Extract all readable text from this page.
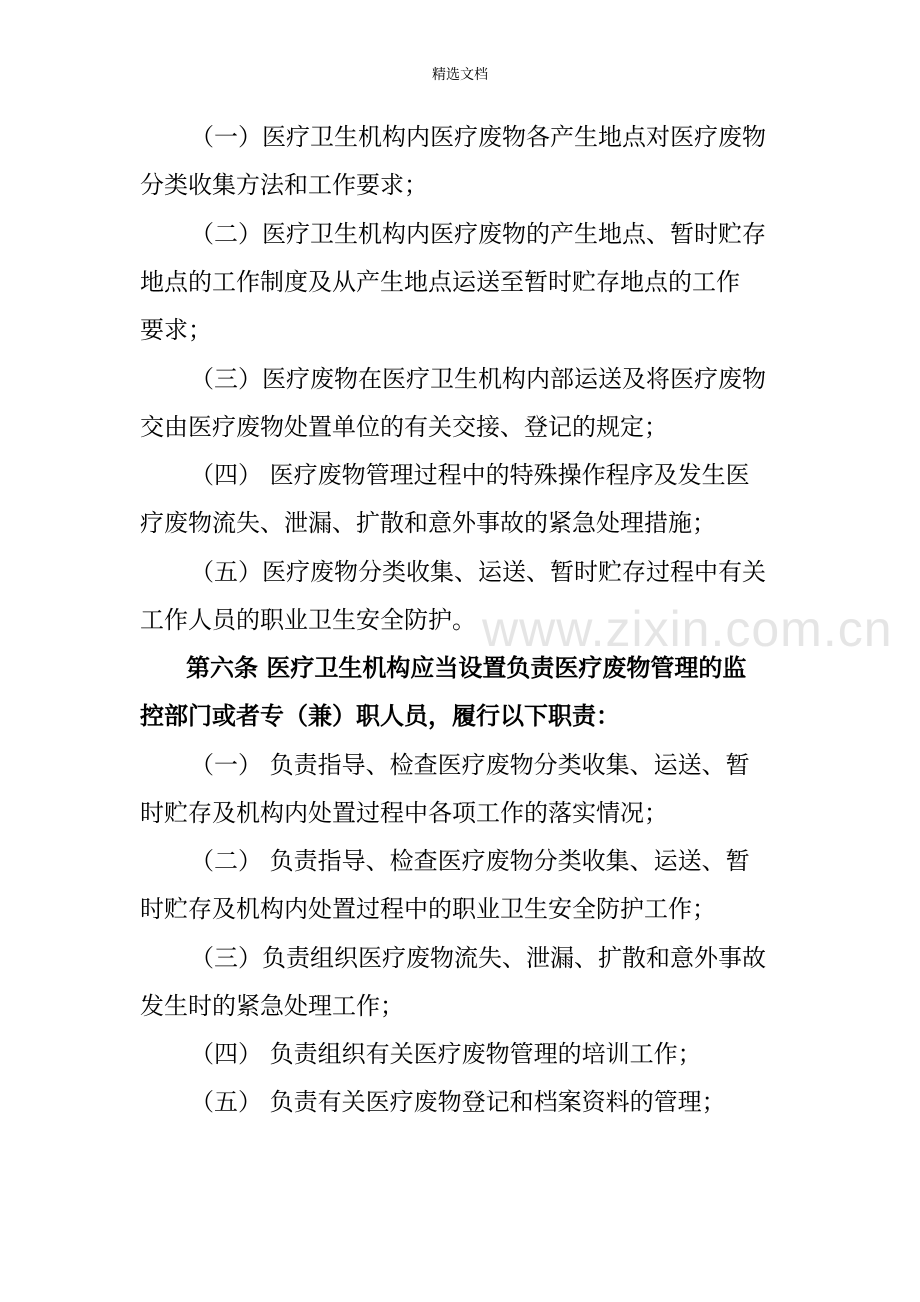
精选文档
www.zixin.com.cn
（一）医疗卫生机构内医疗废物各产生地点对医疗废物
分类收集方法和工作要求；
（二）医疗卫生机构内医疗废物的产生地点、暂时贮存
地点的工作制度及从产生地点运送至暂时贮存地点的工作
要求；
（三）医疗废物在医疗卫生机构内部运送及将医疗废物
交由医疗废物处置单位的有关交接、登记的规定；
（四） 医疗废物管理过程中的特殊操作程序及发生医
疗废物流失、泄漏、扩散和意外事故的紧急处理措施；
（五）医疗废物分类收集、运送、暂时贮存过程中有关
工作人员的职业卫生安全防护。
第六条 医疗卫生机构应当设置负责医疗废物管理的监
控部门或者专（兼）职人员，履行以下职责：
（一） 负责指导、检查医疗废物分类收集、运送、暂
时贮存及机构内处置过程中各项工作的落实情况；
（二） 负责指导、检查医疗废物分类收集、运送、暂
时贮存及机构内处置过程中的职业卫生安全防护工作；
（三）负责组织医疗废物流失、泄漏、扩散和意外事故
发生时的紧急处理工作；
（四） 负责组织有关医疗废物管理的培训工作；
（五） 负责有关医疗废物登记和档案资料的管理；
